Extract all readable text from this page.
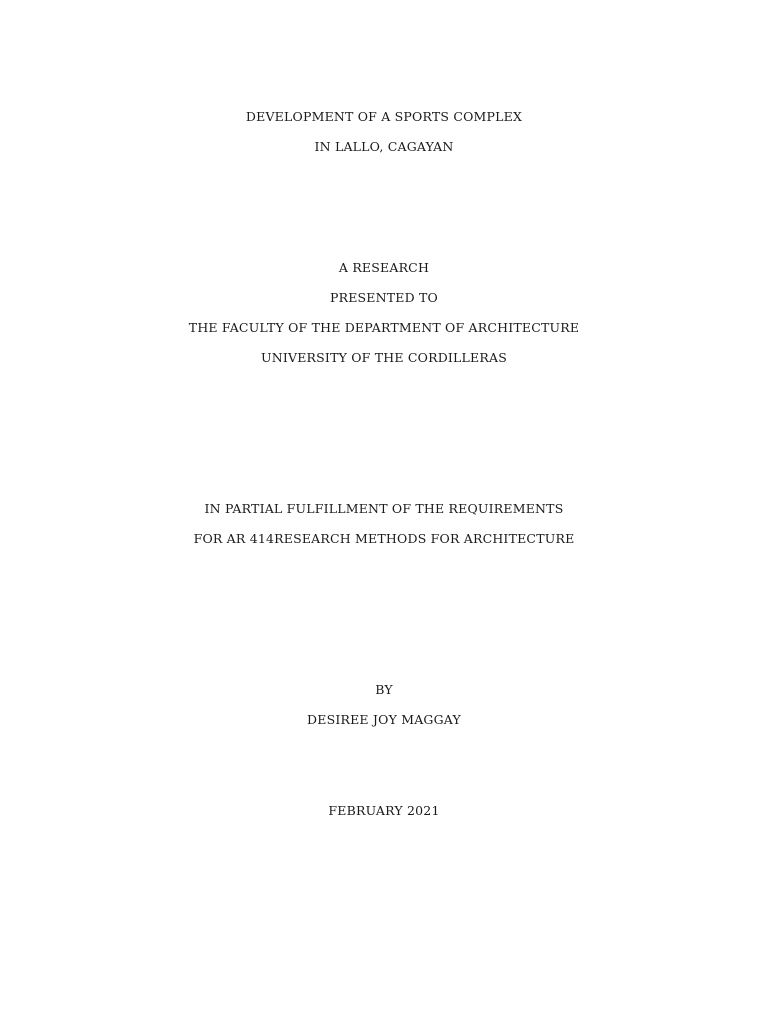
DEVELOPMENT OF A SPORTS COMPLEX
IN LALLO, CAGAYAN
A RESEARCH
PRESENTED TO
THE FACULTY OF THE DEPARTMENT OF ARCHITECTURE
UNIVERSITY OF THE CORDILLERAS
IN PARTIAL FULFILLMENT OF THE REQUIREMENTS
FOR AR 414RESEARCH METHODS FOR ARCHITECTURE
BY
DESIREE JOY MAGGAY
FEBRUARY 2021
